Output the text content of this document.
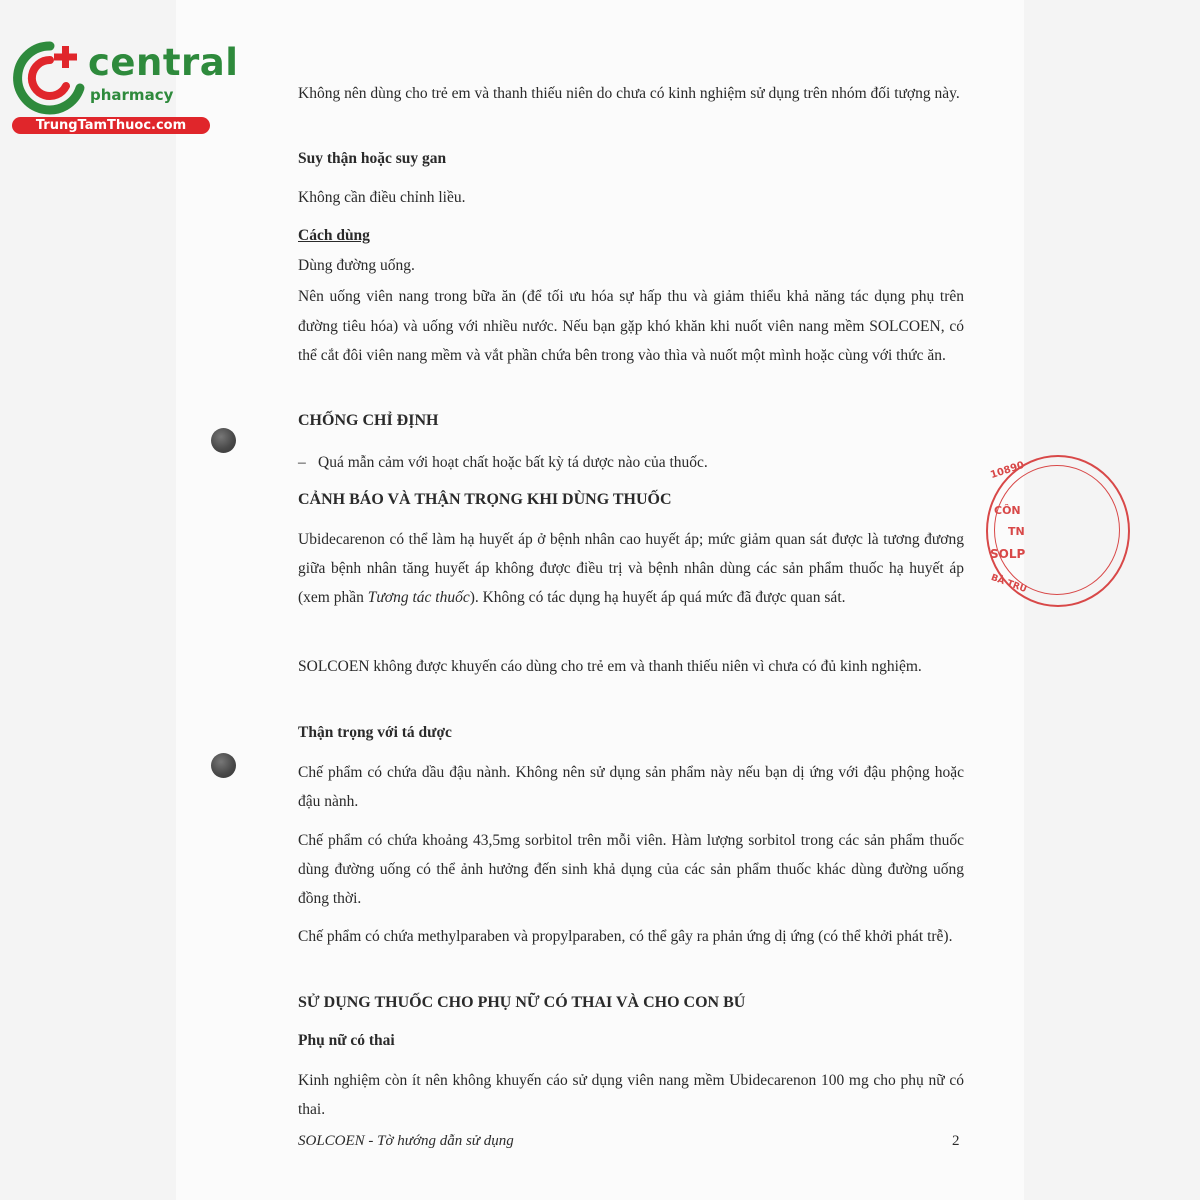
central
pharmacy
TrungTamThuoc.com
10890
CÔN
TN
SOLP
BÀ TRU
Không nên dùng cho trẻ em và thanh thiếu niên do chưa có kinh nghiệm sử dụng trên nhóm đối tượng này.
Suy thận hoặc suy gan
Không cần điều chỉnh liều.
Cách dùng
Dùng đường uống.
Nên uống viên nang trong bữa ăn (để tối ưu hóa sự hấp thu và giảm thiểu khả năng tác dụng phụ trên đường tiêu hóa) và uống với nhiều nước. Nếu bạn gặp khó khăn khi nuốt viên nang mềm SOLCOEN, có thể cắt đôi viên nang mềm và vắt phần chứa bên trong vào thìa và nuốt một mình hoặc cùng với thức ăn.
CHỐNG CHỈ ĐỊNH
– Quá mẫn cảm với hoạt chất hoặc bất kỳ tá dược nào của thuốc.
CẢNH BÁO VÀ THẬN TRỌNG KHI DÙNG THUỐC
Ubidecarenon có thể làm hạ huyết áp ở bệnh nhân cao huyết áp; mức giảm quan sát được là tương đương giữa bệnh nhân tăng huyết áp không được điều trị và bệnh nhân dùng các sản phẩm thuốc hạ huyết áp (xem phần Tương tác thuốc). Không có tác dụng hạ huyết áp quá mức đã được quan sát.
SOLCOEN không được khuyến cáo dùng cho trẻ em và thanh thiếu niên vì chưa có đủ kinh nghiệm.
Thận trọng với tá dược
Chế phẩm có chứa dầu đậu nành. Không nên sử dụng sản phẩm này nếu bạn dị ứng với đậu phộng hoặc đậu nành.
Chế phẩm có chứa khoảng 43,5mg sorbitol trên mỗi viên. Hàm lượng sorbitol trong các sản phẩm thuốc dùng đường uống có thể ảnh hưởng đến sinh khả dụng của các sản phẩm thuốc khác dùng đường uống đồng thời.
Chế phẩm có chứa methylparaben và propylparaben, có thể gây ra phản ứng dị ứng (có thể khởi phát trễ).
SỬ DỤNG THUỐC CHO PHỤ NỮ CÓ THAI VÀ CHO CON BÚ
Phụ nữ có thai
Kinh nghiệm còn ít nên không khuyến cáo sử dụng viên nang mềm Ubidecarenon 100 mg cho phụ nữ có thai.
SOLCOEN - Tờ hướng dẫn sử dụng	2
